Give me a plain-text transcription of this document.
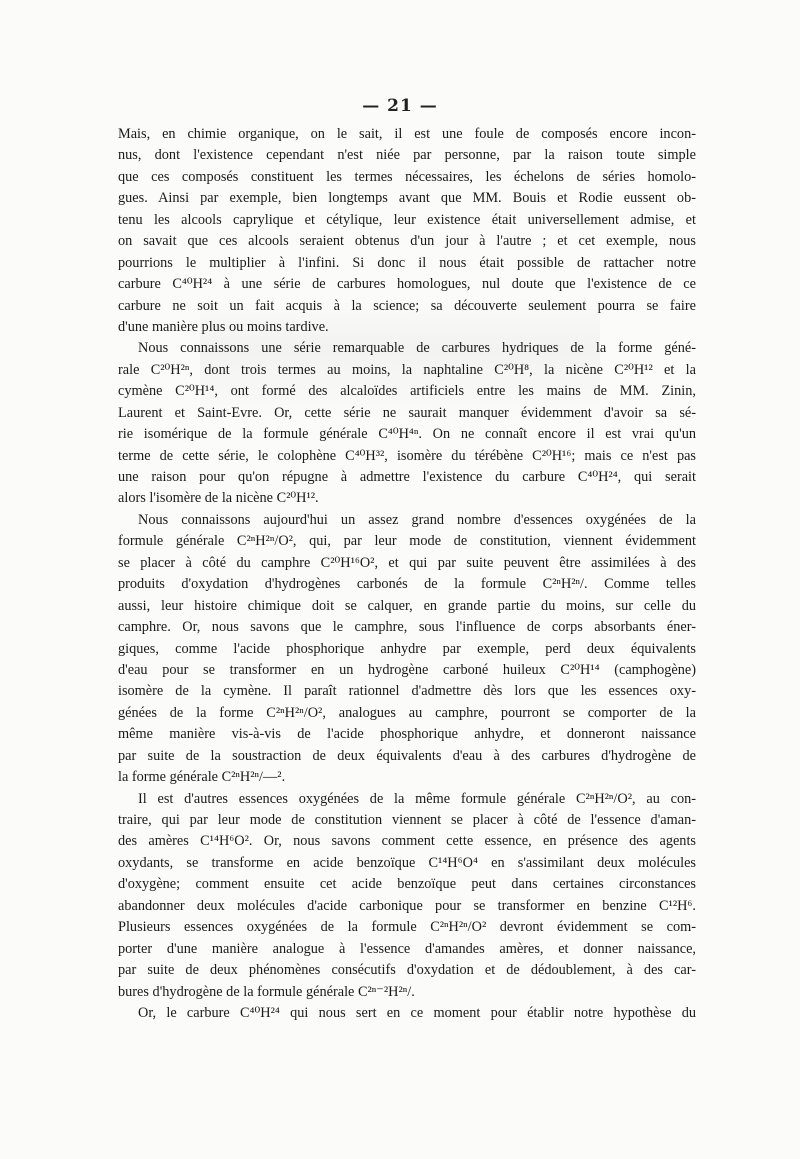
— 21 —
Mais, en chimie organique, on le sait, il est une foule de composés encore incon-
nus, dont l'existence cependant n'est niée par personne, par la raison toute simple
que ces composés constituent les termes nécessaires, les échelons de séries homolo-
gues. Ainsi par exemple, bien longtemps avant que MM. Bouis et Rodie eussent ob-
tenu les alcools caprylique et cétylique, leur existence était universellement admise, et
on savait que ces alcools seraient obtenus d'un jour à l'autre ; et cet exemple, nous
pourrions le multiplier à l'infini. Si donc il nous était possible de rattacher notre
carbure C⁴⁰H²⁴ à une série de carbures homologues, nul doute que l'existence de ce
carbure ne soit un fait acquis à la science; sa découverte seulement pourra se faire
d'une manière plus ou moins tardive.
Nous connaissons une série remarquable de carbures hydriques de la forme géné-
rale C²⁰H²ⁿ, dont trois termes au moins, la naphtaline C²⁰H⁸, la nicène C²⁰H¹² et la
cymène C²⁰H¹⁴, ont formé des alcaloïdes artificiels entre les mains de MM. Zinin,
Laurent et Saint-Evre. Or, cette série ne saurait manquer évidemment d'avoir sa sé-
rie isomérique de la formule générale C⁴⁰H⁴ⁿ. On ne connaît encore il est vrai qu'un
terme de cette série, le colophène C⁴⁰H³², isomère du térébène C²⁰H¹⁶; mais ce n'est pas
une raison pour qu'on répugne à admettre l'existence du carbure C⁴⁰H²⁴, qui serait
alors l'isomère de la nicène C²⁰H¹².
Nous connaissons aujourd'hui un assez grand nombre d'essences oxygénées de la
formule générale C²ⁿH²ⁿ/O², qui, par leur mode de constitution, viennent évidemment
se placer à côté du camphre C²⁰H¹⁶O², et qui par suite peuvent être assimilées à des
produits d'oxydation d'hydrogènes carbonés de la formule C²ⁿH²ⁿ/. Comme telles
aussi, leur histoire chimique doit se calquer, en grande partie du moins, sur celle du
camphre. Or, nous savons que le camphre, sous l'influence de corps absorbants éner-
giques, comme l'acide phosphorique anhydre par exemple, perd deux équivalents
d'eau pour se transformer en un hydrogène carboné huileux C²⁰H¹⁴ (camphogène)
isomère de la cymène. Il paraît rationnel d'admettre dès lors que les essences oxy-
génées de la forme C²ⁿH²ⁿ/O², analogues au camphre, pourront se comporter de la
même manière vis-à-vis de l'acide phosphorique anhydre, et donneront naissance
par suite de la soustraction de deux équivalents d'eau à des carbures d'hydrogène de
la forme générale C²ⁿH²ⁿ/—².
Il est d'autres essences oxygénées de la même formule générale C²ⁿH²ⁿ/O², au con-
traire, qui par leur mode de constitution viennent se placer à côté de l'essence d'aman-
des amères C¹⁴H⁶O². Or, nous savons comment cette essence, en présence des agents
oxydants, se transforme en acide benzoïque C¹⁴H⁶O⁴ en s'assimilant deux molécules
d'oxygène; comment ensuite cet acide benzoïque peut dans certaines circonstances
abandonner deux molécules d'acide carbonique pour se transformer en benzine C¹²H⁶.
Plusieurs essences oxygénées de la formule C²ⁿH²ⁿ/O² devront évidemment se com-
porter d'une manière analogue à l'essence d'amandes amères, et donner naissance,
par suite de deux phénomènes consécutifs d'oxydation et de dédoublement, à des car-
bures d'hydrogène de la formule générale C²ⁿ⁻²H²ⁿ/.
Or, le carbure C⁴⁰H²⁴ qui nous sert en ce moment pour établir notre hypothèse du
